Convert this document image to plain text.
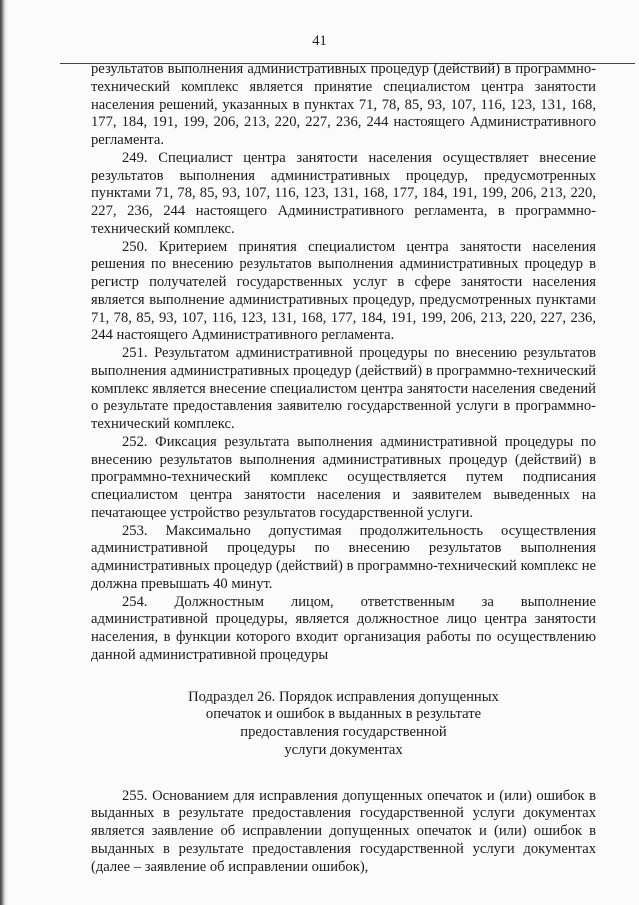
41

результатов выполнения административных процедур (действий) в программно-технический комплекс является принятие специалистом центра занятости населения решений, указанных в пунктах 71, 78, 85, 93, 107, 116, 123, 131, 168, 177, 184, 191, 199, 206, 213, 220, 227, 236, 244 настоящего Административного регламента.

249. Специалист центра занятости населения осуществляет внесение результатов выполнения административных процедур, предусмотренных пунктами 71, 78, 85, 93, 107, 116, 123, 131, 168, 177, 184, 191, 199, 206, 213, 220, 227, 236, 244 настоящего Административного регламента, в программно-технический комплекс.

250. Критерием принятия специалистом центра занятости населения решения по внесению результатов выполнения административных процедур в регистр получателей государственных услуг в сфере занятости населения является выполнение административных процедур, предусмотренных пунктами 71, 78, 85, 93, 107, 116, 123, 131, 168, 177, 184, 191, 199, 206, 213, 220, 227, 236, 244 настоящего Административного регламента.

251. Результатом административной процедуры по внесению результатов выполнения административных процедур (действий) в программно-технический комплекс является внесение специалистом центра занятости населения сведений о результате предоставления заявителю государственной услуги в программно-технический комплекс.

252. Фиксация результата выполнения административной процедуры по внесению результатов выполнения административных процедур (действий) в программно-технический комплекс осуществляется путем подписания специалистом центра занятости населения и заявителем выведенных на печатающее устройство результатов государственной услуги.

253. Максимально допустимая продолжительность осуществления административной процедуры по внесению результатов выполнения административных процедур (действий) в программно-технический комплекс не должна превышать 40 минут.

254. Должностным лицом, ответственным за выполнение административной процедуры, является должностное лицо центра занятости населения, в функции которого входит организация работы по осуществлению данной административной процедуры

Подраздел 26. Порядок исправления допущенных
опечаток и ошибок в выданных в результате
предоставления государственной
услуги документах

255. Основанием для исправления допущенных опечаток и (или) ошибок в выданных в результате предоставления государственной услуги документах является заявление об исправлении допущенных опечаток и (или) ошибок в выданных в результате предоставления государственной услуги документах (далее – заявление об исправлении ошибок),
